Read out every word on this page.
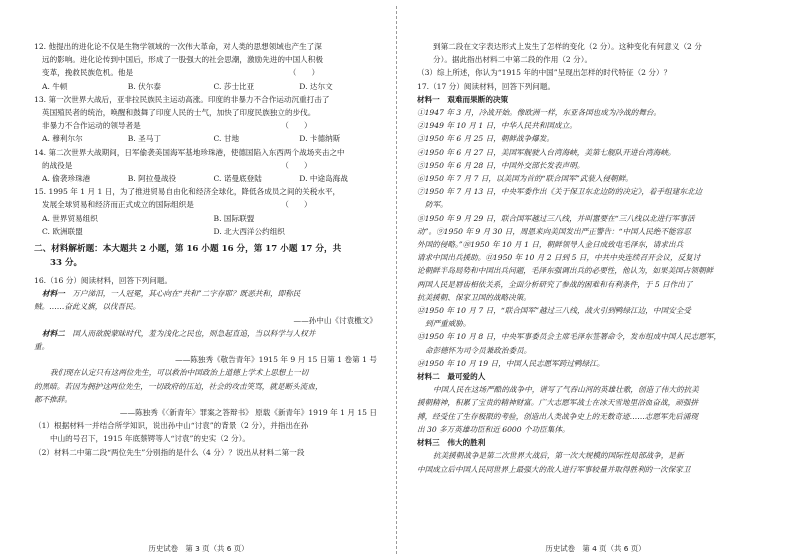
12. 他提出的进化论不仅是生物学领域的一次伟大革命，对人类的思想领域也产生了深
远的影响。进化论传到中国后，形成了一股强大的社会思潮，激励先进的中国人积极
变革，挽救民族危机。他是　　　　　　　　　　　　　　　　　　　　　（　　）
A. 牛顿	B. 伏尔泰	C. 莎士比亚	D. 达尔文
13. 第一次世界大战后，亚非拉民族民主运动高涨。印度的非暴力不合作运动沉重打击了
英国殖民者的统治，唤醒和鼓舞了印度人民的士气，加快了印度民族独立的步伐。
非暴力不合作运动的领导者是　　　　　　　　　　　　　　　　　　　（　　）
A. 穆利尔尔	B. 圣马丁	C. 甘地	D. 卡德纳斯
14. 第二次世界大战期间，日军偷袭美国海军基地珍珠港，使德国陷入东西两个战场夹击之中
的战役是　　　　　　　　　　　　　　　　　　　　　　　　　　　　（　　）
A. 偷袭珍珠港	B. 阿拉曼战役	C. 诺曼底登陆	D. 中途岛海战
15. 1995 年 1 月 1 日，为了推进贸易自由化和经济全球化，降低各成员之间的关税水平，
发展全球贸易和经济而正式成立的国际组织是　　　　　　　　　　　　（　　）
A. 世界贸易组织	B. 国际联盟
C. 欧洲联盟	D. 北大西洋公约组织
二、材料解析题：本大题共 2 小题，第 16 小题 16 分，第 17 小题 17 分，共
33 分。
16.（16 分）阅读材料，回答下列问题。
材料一　 万户涕泪，一人冠冕，其心向在“共和”二字存耶？既恶共和，即称民
贼。……奋此义旗，以伐吾民。
——孙中山《讨袁檄文》
材料二　 国人而欲脱蒙昧时代，羞为浅化之民也，则急起直追，当以科学与人权并
重。
——陈独秀《敬告青年》1915 年 9 月 15 日第 1 卷第 1 号
我们现在认定只有这两位先生，可以救治中国政治上道德上学术上思想上一切
的黑暗。若因为拥护这两位先生，一切政府的压迫，社会的攻击笑骂，就是断头流血，
都不推辞。
——陈独秀《〈新青年〉罪案之答辩书》 原载《新青年》1919 年 1 月 15 日
（1）根据材料一并结合所学知识，说出孙中山“讨袁”的背景（2 分），并指出在孙
中山的号召下，1915 年底蔡锷等人“讨袁”的史实（2 分）。
（2）材料二中第二段“两位先生”分别指的是什么（4 分）？说出从材料二第一段
历史试卷　第 3 页（共 6 页）
到第二段在文字表达形式上发生了怎样的变化（2 分）。这种变化有何意义（2 分
分）。据此指出材料二中第二段的作用（2 分）。
（3）综上所述，你认为“1915 年的中国”呈现出怎样的时代特征（2 分）？
17.（17 分）阅读材料，回答下列问题。
材料一　艰难而果断的决策
①1947 年 3 月，冷战开始。像欧洲一样，东亚各国也成为冷战的舞台。
②1949 年 10 月 1 日，中华人民共和国成立。
③1950 年 6 月 25 日，朝鲜战争爆发。
④1950 年 6 月 27 日，美国军舰驶入台湾海峡，美第七舰队开进台湾海峡。
⑤1950 年 6 月 28 日，中国外交部长发表声明。
⑥1950 年 7 月 7 日，以美国为首的“联合国军”武装入侵朝鲜。
⑦1950 年 7 月 13 日，中央军委作出《关于保卫东北边防的决定》，着手组建东北边
防军。
⑧1950 年 9 月 29 日，联合国军越过三八线，并叫嚣要在“三八线以北进行军事活
动”。⑨1950 年 9 月 30 日，周恩来向美国发出严正警告：“中国人民绝不能容忍
外国的侵略。”⑩1950 年 10 月 1 日，朝鲜领导人金日成致电毛泽东，请求出兵
请求中国出兵援助。⑪1950 年 10 月 2 日到 5 日，中共中央连续召开会议，反复讨
论朝鲜半岛局势和中国出兵问题，毛泽东强调出兵的必要性，他认为，如果美国占领朝鲜
两国人民是唇齿相依关系，全面分析研究了参战的困难和有利条件，于 5 日作出了
抗美援朝、保家卫国的战略决策。
⑫1950 年 10 月 7 日，“联合国军”越过三八线，战火引到鸭绿江边，中国安全受
到严重威胁。
⑬1950 年 10 月 8 日，中央军事委员会主席毛泽东签署命令，发布组成中国人民志愿军，
命彭德怀为司令员兼政治委员。
⑭1950 年 10 月 19 日，中国人民志愿军跨过鸭绿江。
材料二　最可爱的人
中国人民在这场严酷的战争中，谱写了气吞山河的英雄壮歌，创造了伟大的抗美
援朝精神，积累了宝贵的精神财富。广大志愿军战士在冰天雪地里浴血奋战，顽强拼
搏，经受住了生存极限的考验，创造出人类战争史上的无数奇迹……志愿军先后涌现
出 30 多万英雄功臣和近 6000 个功臣集体。
材料三　伟大的胜利
抗美援朝战争是第二次世界大战后，第一次大规模的国际性局部战争，是新
中国成立后中国人民同世界上最强大的敌人进行军事较量并取得胜利的一次保家卫
历史试卷　第 4 页（共 6 页）
